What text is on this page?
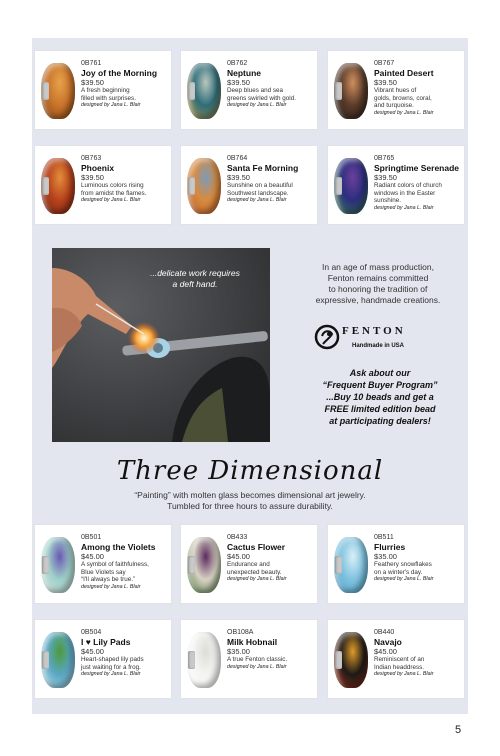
0B761
Joy of the Morning
$39.50
A fresh beginning
filled with surprises.
designed by Jana L. Blair
0B762
Neptune
$39.50
Deep blues and sea
greens swirled with gold.
designed by Jana L. Blair
0B767
Painted Desert
$39.50
Vibrant hues of
golds, browns, coral,
and turquoise.
designed by Jana L. Blair
0B763
Phoenix
$39.50
Luminous colors rising
from amidst the flames.
designed by Jana L. Blair
0B764
Santa Fe Morning
$39.50
Sunshine on a beautiful
Southwest landscape.
designed by Jana L. Blair
0B765
Springtime Serenade
$39.50
Radiant colors of church
windows in the Easter
sunshine.
designed by Jana L. Blair
...delicate work requires
a deft hand.
In an age of mass production,
Fenton remains committed
to honoring the tradition of
expressive, handmade creations.
FENTON
Handmade in USA
Ask about our
“Frequent Buyer Program”
...Buy 10 beads and get a
FREE limited edition bead
at participating dealers!
Three Dimensional
“Painting” with molten glass becomes dimensional art jewelry.
Tumbled for three hours to assure durability.
0B501
Among the Violets
$45.00
A symbol of faithfulness,
Blue Violets say
“I'll always be true.”
designed by Jana L. Blair
0B433
Cactus Flower
$45.00
Endurance and
unexpected beauty.
designed by Jana L. Blair
0B511
Flurries
$35.00
Feathery snowflakes
on a winter's day.
designed by Jana L. Blair
0B504
I ♥ Lily Pads
$45.00
Heart-shaped lily pads
just waiting for a frog.
designed by Jana L. Blair
OB108A
Milk Hobnail
$35.00
A true Fenton classic.
designed by Jana L. Blair
0B440
Navajo
$45.00
Reminiscent of an
Indian headdress.
designed by Jana L. Blair
5
